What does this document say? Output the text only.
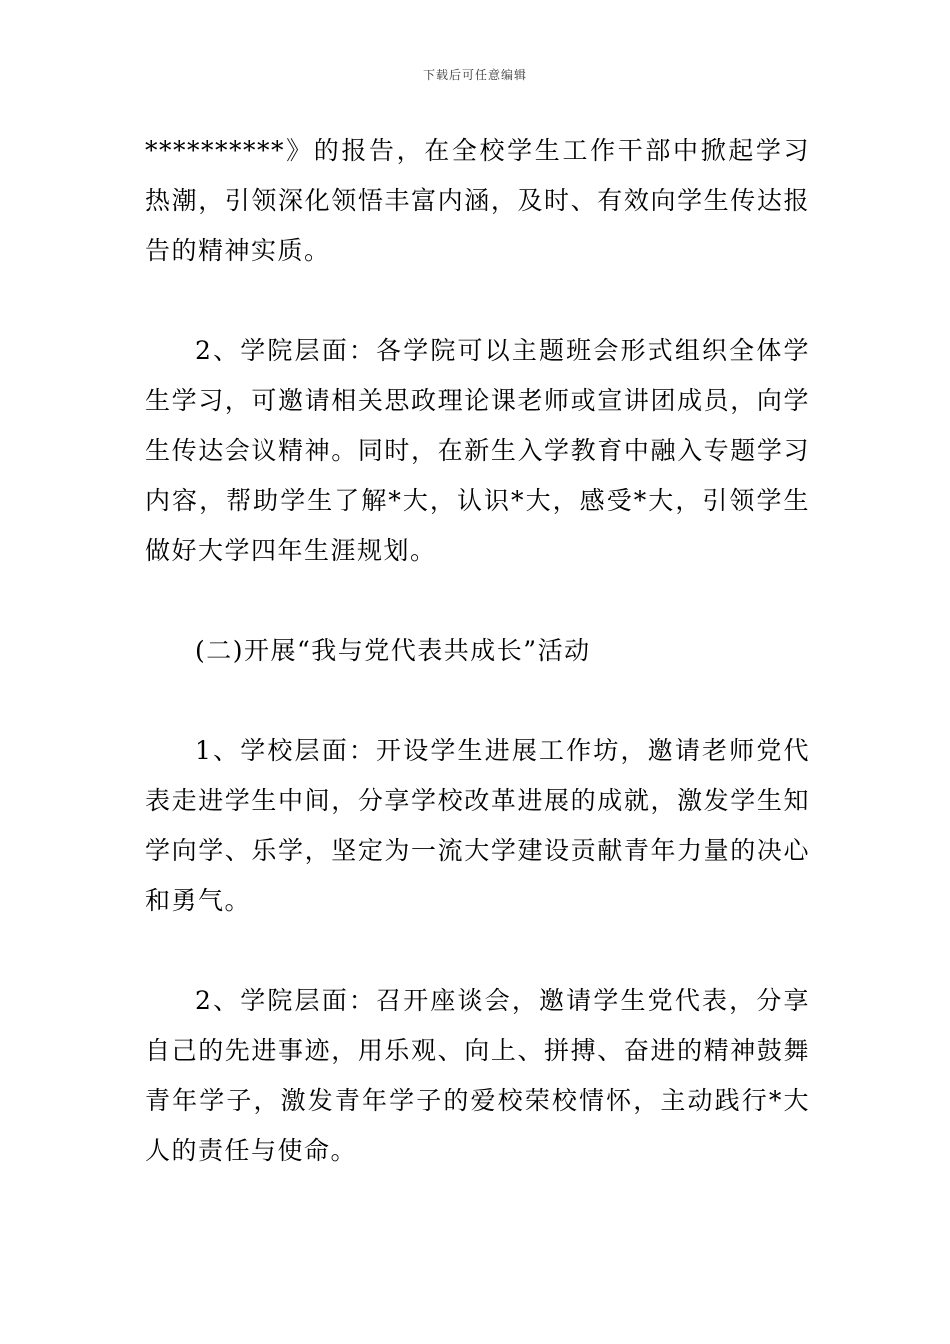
下载后可任意编辑

**********》的报告，在全校学生工作干部中掀起学习热潮，引领深化领悟丰富内涵，及时、有效向学生传达报告的精神实质。

2、学院层面：各学院可以主题班会形式组织全体学生学习，可邀请相关思政理论课老师或宣讲团成员，向学生传达会议精神。同时，在新生入学教育中融入专题学习内容，帮助学生了解*大，认识*大，感受*大，引领学生做好大学四年生涯规划。

(二)开展“我与党代表共成长”活动

1、学校层面：开设学生进展工作坊，邀请老师党代表走进学生中间，分享学校改革进展的成就，激发学生知学向学、乐学，坚定为一流大学建设贡献青年力量的决心和勇气。

2、学院层面：召开座谈会，邀请学生党代表，分享自己的先进事迹，用乐观、向上、拼搏、奋进的精神鼓舞青年学子，激发青年学子的爱校荣校情怀，主动践行*大人的责任与使命。
